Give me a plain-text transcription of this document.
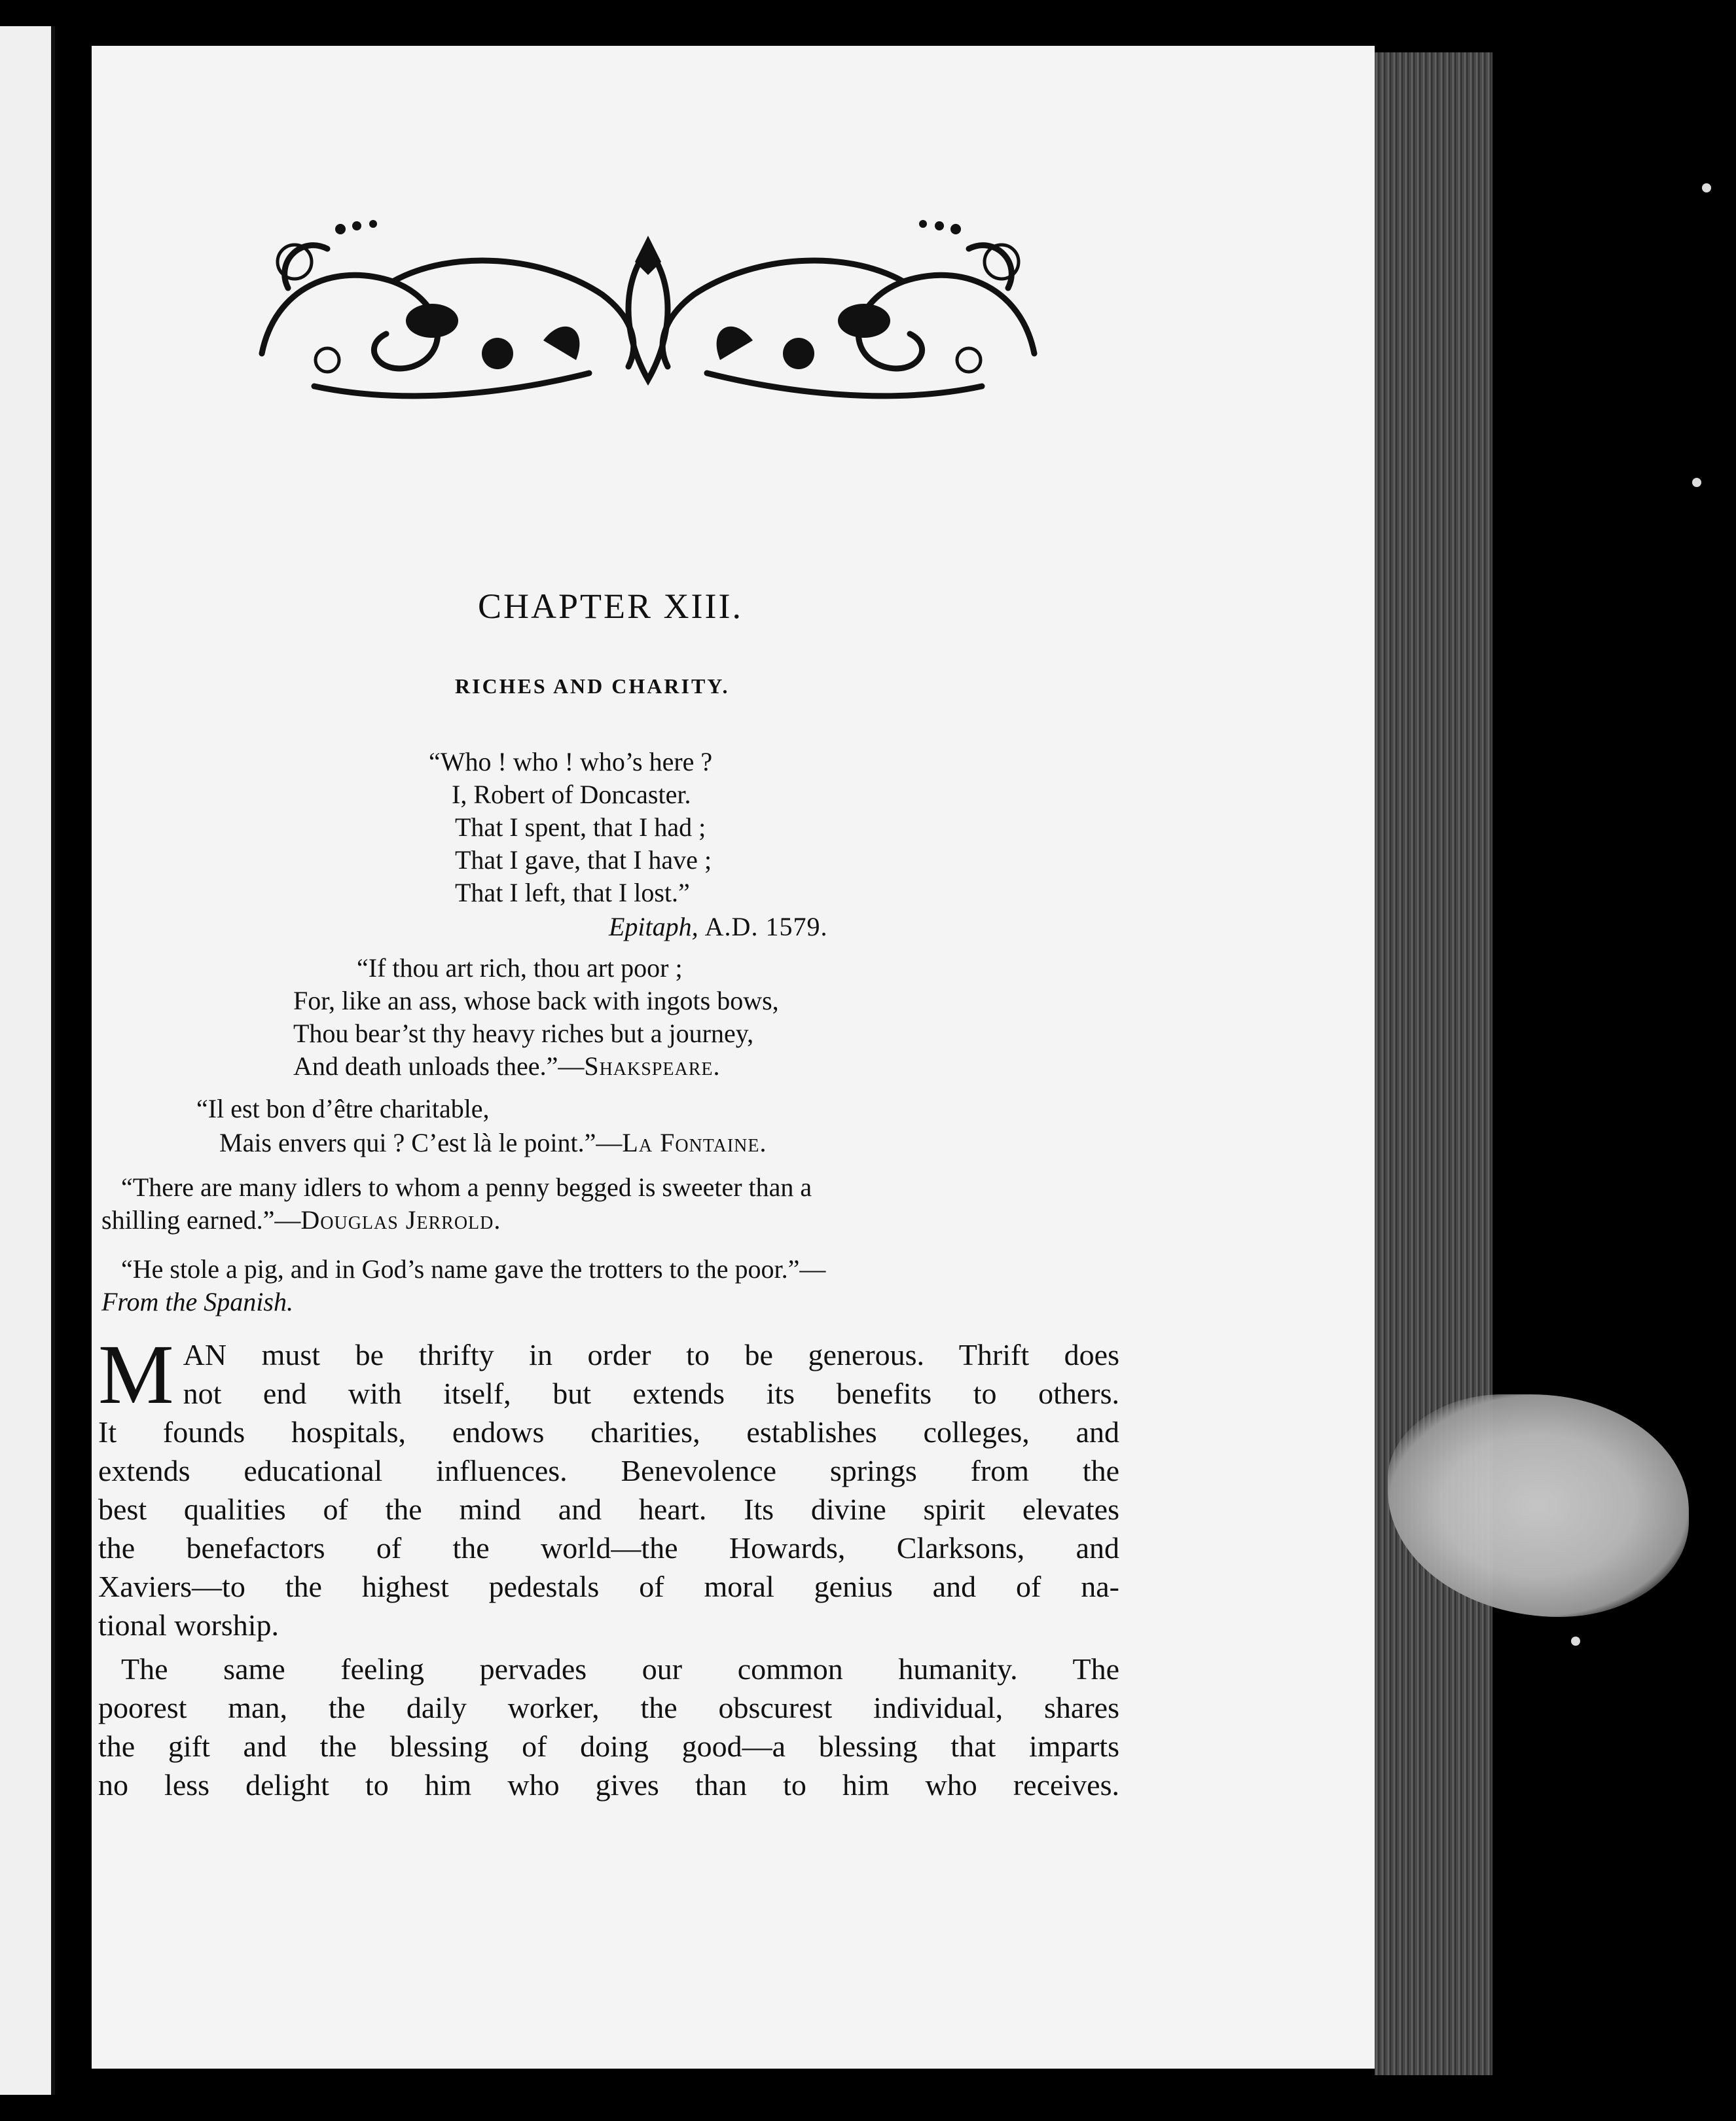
CHAPTER XIII.
RICHES AND CHARITY.
“Who ! who ! who’s here ?
I, Robert of Doncaster.
That I spent, that I had ;
That I gave, that I have ;
That I left, that I lost.”
Epitaph, A.D. 1579.
“If thou art rich, thou art poor ;
For, like an ass, whose back with ingots bows,
Thou bear’st thy heavy riches but a journey,
And death unloads thee.”—Shakspeare.
“Il est bon d’être charitable,
Mais envers qui ? C’est là le point.”—La Fontaine.
“There are many idlers to whom a penny begged is sweeter than a
shilling earned.”—Douglas Jerrold.
“He stole a pig, and in God’s name gave the trotters to the poor.”—
From the Spanish.
M AN must be thrifty in order to be generous. Thrift does
not end with itself, but extends its benefits to others.
It founds hospitals, endows charities, establishes colleges, and
extends educational influences. Benevolence springs from the
best qualities of the mind and heart. Its divine spirit elevates
the benefactors of the world—the Howards, Clarksons, and
Xaviers—to the highest pedestals of moral genius and of na-
tional worship.
The same feeling pervades our common humanity. The
poorest man, the daily worker, the obscurest individual, shares
the gift and the blessing of doing good—a blessing that imparts
no less delight to him who gives than to him who receives.
